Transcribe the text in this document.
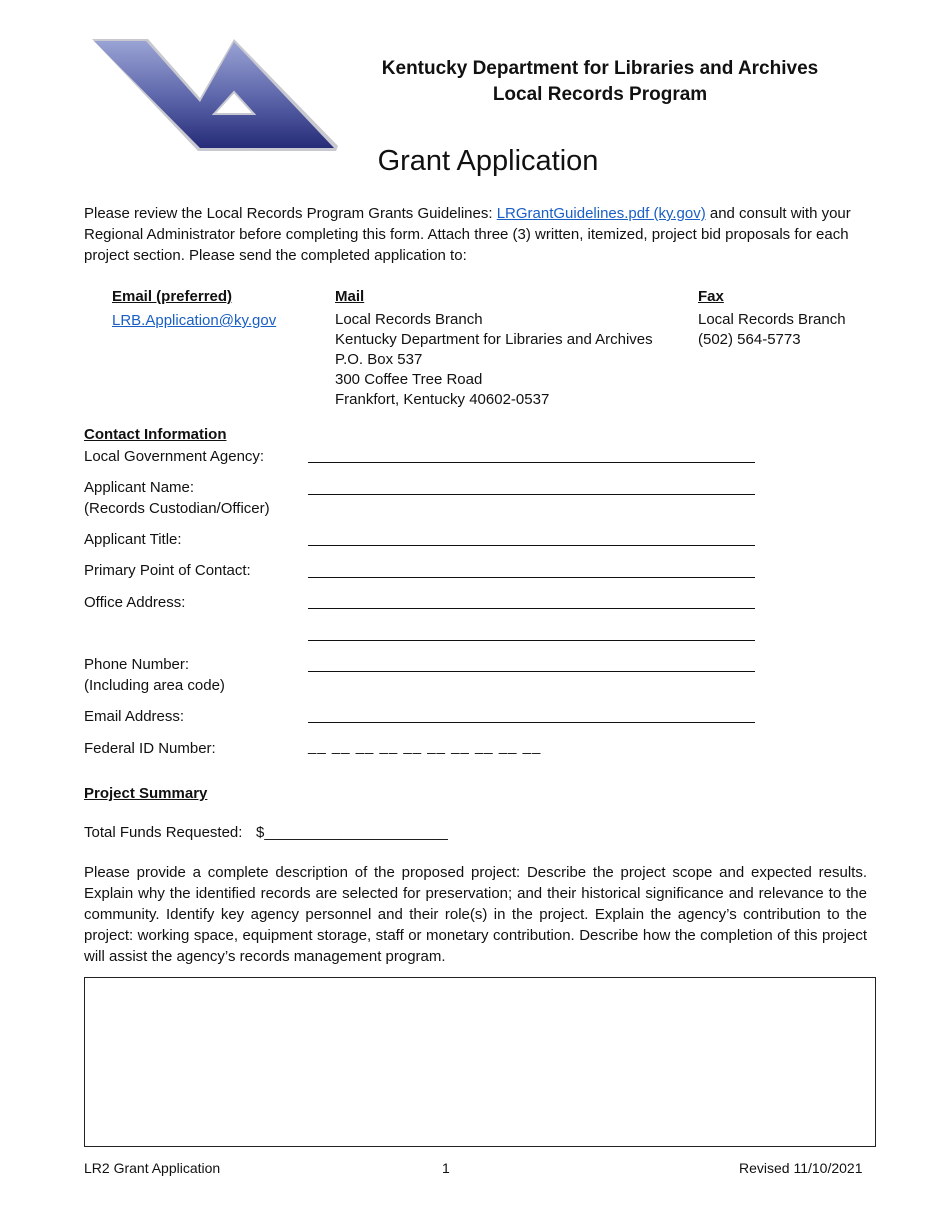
Kentucky Department for Libraries and Archives
Local Records Program
Grant Application
Please review the Local Records Program Grants Guidelines: LRGrantGuidelines.pdf (ky.gov) and consult with your Regional Administrator before completing this form. Attach three (3) written, itemized, project bid proposals for each project section. Please send the completed application to:
Email (preferred)
LRB.Application@ky.gov
Mail
Local Records Branch
Kentucky Department for Libraries and Archives
P.O. Box 537
300 Coffee Tree Road
Frankfort, Kentucky 40602-0537
Fax
Local Records Branch
(502) 564-5773
Contact Information
Local Government Agency:
Applicant Name:
(Records Custodian/Officer)
Applicant Title:
Primary Point of Contact:
Office Address:
Phone Number:
(Including area code)
Email Address:
Federal ID Number:	__ __ __ __ __ __ __ __ __ __
Project Summary
Total Funds Requested: $______________________
Please provide a complete description of the proposed project: Describe the project scope and expected results. Explain why the identified records are selected for preservation; and their historical significance and relevance to the community. Identify key agency personnel and their role(s) in the project. Explain the agency’s contribution to the project: working space, equipment storage, staff or monetary contribution. Describe how the completion of this project will assist the agency’s records management program.
LR2 Grant Application	1	Revised 11/10/2021
